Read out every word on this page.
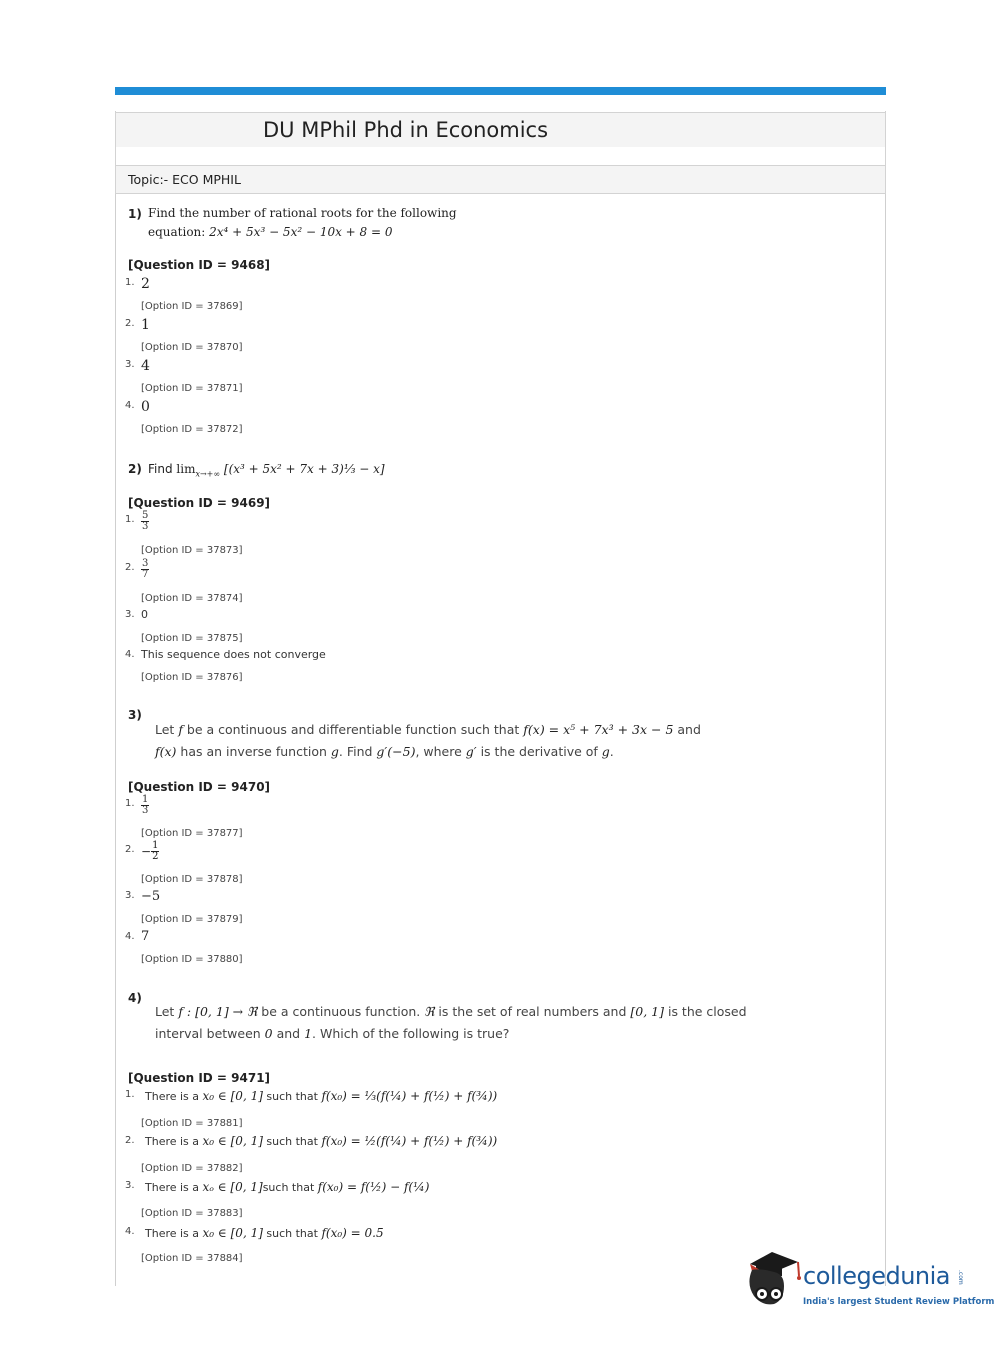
DU MPhil Phd in Economics
Topic:- ECO MPHIL
1) Find the number of rational roots for the following
equation: 2x⁴ + 5x³ − 5x² − 10x + 8 = 0
[Question ID = 9468]
1. 2
[Option ID = 37869]
2. 1
[Option ID = 37870]
3. 4
[Option ID = 37871]
4. 0
[Option ID = 37872]
2) Find $\lim_{x\to+\infty} [(x^3 + 5x^2 + 7x$ + 3)⅓ − x]
[Question ID = 9469]
1. $\frac{5}{3}$
[Option ID = 37873]
2. $\frac{3}{7}$
[Option ID = 37874]
3. 0
[Option ID = 37875]
4. This sequence does not converge
[Option ID = 37876]
3)
Let f be a continuous and differentiable function such that f(x) = x⁵ + 7x³ + 3x − 5 and
f(x) has an inverse function g. Find g′(−5), where g′ is the derivative of g.
[Question ID = 9470]
1. $\frac{1}{3}$
[Option ID = 37877]
2. − $\frac{1}{2}$
[Option ID = 37878]
3. −5
[Option ID = 37879]
4. 7
[Option ID = 37880]
4)
Let f : [0, 1] → ℜ be a continuous function. ℜ is the set of real numbers and [0, 1] is the closed
interval between 0 and 1. Which of the following is true?
[Question ID = 9471]
1. There is a x₀ ∈ [0, 1] such that f(x₀) = ⅓(f(¼) + f(½) + f(¾))
[Option ID = 37881]
2. There is a x₀ ∈ [0, 1] such that f(x₀) = ½(f(¼) + f(½) + f(¾))
[Option ID = 37882]
3. There is a xₒ ∈ [0, 1]such that f(x₀) = f(½) − f(¼)
[Option ID = 37883]
4. There is a x₀ ∈ [0, 1] such that f(x₀) = 0.5
[Option ID = 37884]
collegedunia .com
India's largest Student Review Platform
